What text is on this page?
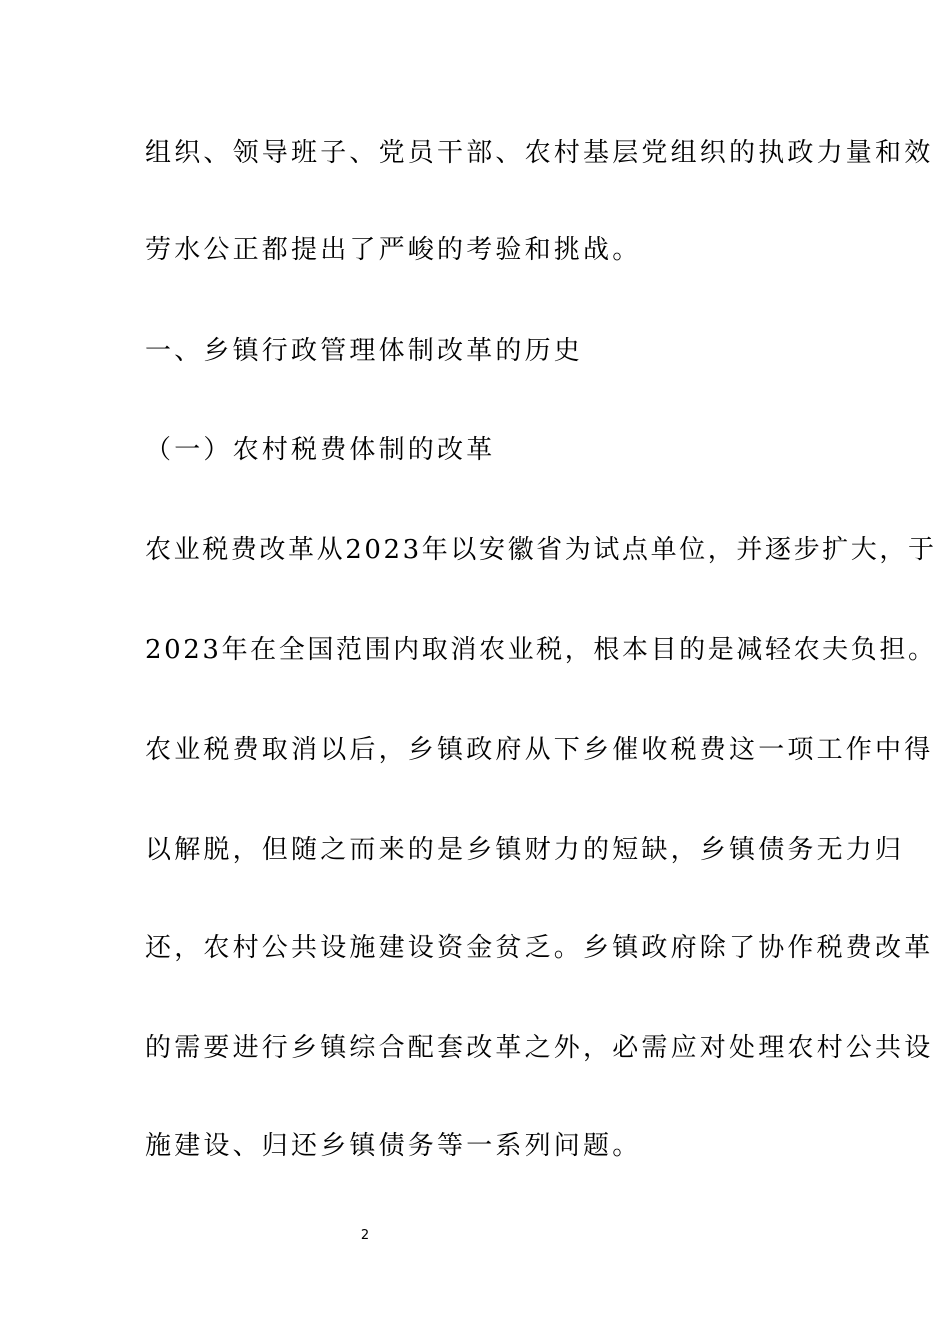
组织、领导班子、党员干部、农村基层党组织的执政力量和效
劳水公正都提出了严峻的考验和挑战。
一、乡镇行政管理体制改革的历史
（一）农村税费体制的改革
农业税费改革从2023年以安徽省为试点单位，并逐步扩大，于
2023年在全国范围内取消农业税，根本目的是减轻农夫负担。
农业税费取消以后，乡镇政府从下乡催收税费这一项工作中得
以解脱，但随之而来的是乡镇财力的短缺，乡镇债务无力归
还，农村公共设施建设资金贫乏。乡镇政府除了协作税费改革
的需要进行乡镇综合配套改革之外，必需应对处理农村公共设
施建设、归还乡镇债务等一系列问题。
2
